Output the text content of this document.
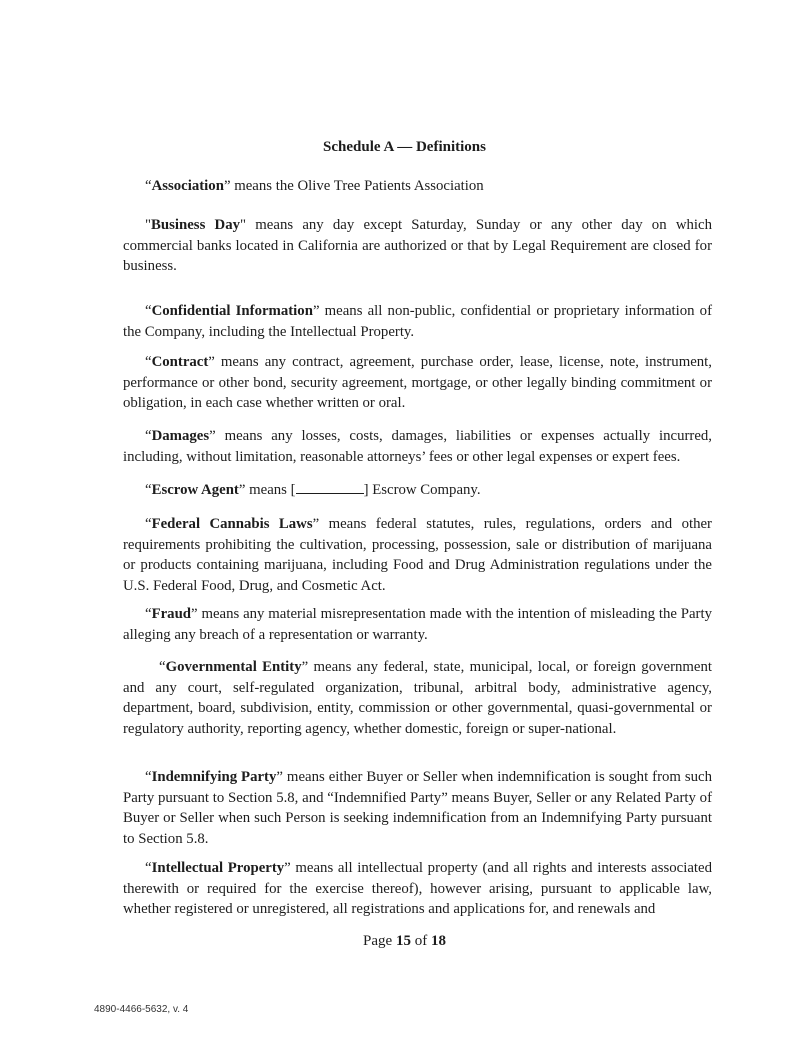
Schedule A — Definitions

“Association” means the Olive Tree Patients Association

"Business Day" means any day except Saturday, Sunday or any other day on which commercial banks located in California are authorized or that by Legal Requirement are closed for business.

“Confidential Information” means all non-public, confidential or proprietary information of the Company, including the Intellectual Property.

“Contract” means any contract, agreement, purchase order, lease, license, note, instrument, performance or other bond, security agreement, mortgage, or other legally binding commitment or obligation, in each case whether written or oral.

“Damages” means any losses, costs, damages, liabilities or expenses actually incurred, including, without limitation, reasonable attorneys’ fees or other legal expenses or expert fees.

“Escrow Agent” means [	] Escrow Company.

“Federal Cannabis Laws” means federal statutes, rules, regulations, orders and other requirements prohibiting the cultivation, processing, possession, sale or distribution of marijuana or products containing marijuana, including Food and Drug Administration regulations under the U.S. Federal Food, Drug, and Cosmetic Act.

“Fraud” means any material misrepresentation made with the intention of misleading the Party alleging any breach of a representation or warranty.

“Governmental Entity” means any federal, state, municipal, local, or foreign government and any court, self-regulated organization, tribunal, arbitral body, administrative agency, department, board, subdivision, entity, commission or other governmental, quasi-governmental or regulatory authority, reporting agency, whether domestic, foreign or super-national.

“Indemnifying Party” means either Buyer or Seller when indemnification is sought from such Party pursuant to Section 5.8, and “Indemnified Party” means Buyer, Seller or any Related Party of Buyer or Seller when such Person is seeking indemnification from an Indemnifying Party pursuant to Section 5.8.

“Intellectual Property” means all intellectual property (and all rights and interests associated therewith or required for the exercise thereof), however arising, pursuant to applicable law, whether registered or unregistered, all registrations and applications for, and renewals and

Page 15 of 18
4890-4466-5632, v. 4
